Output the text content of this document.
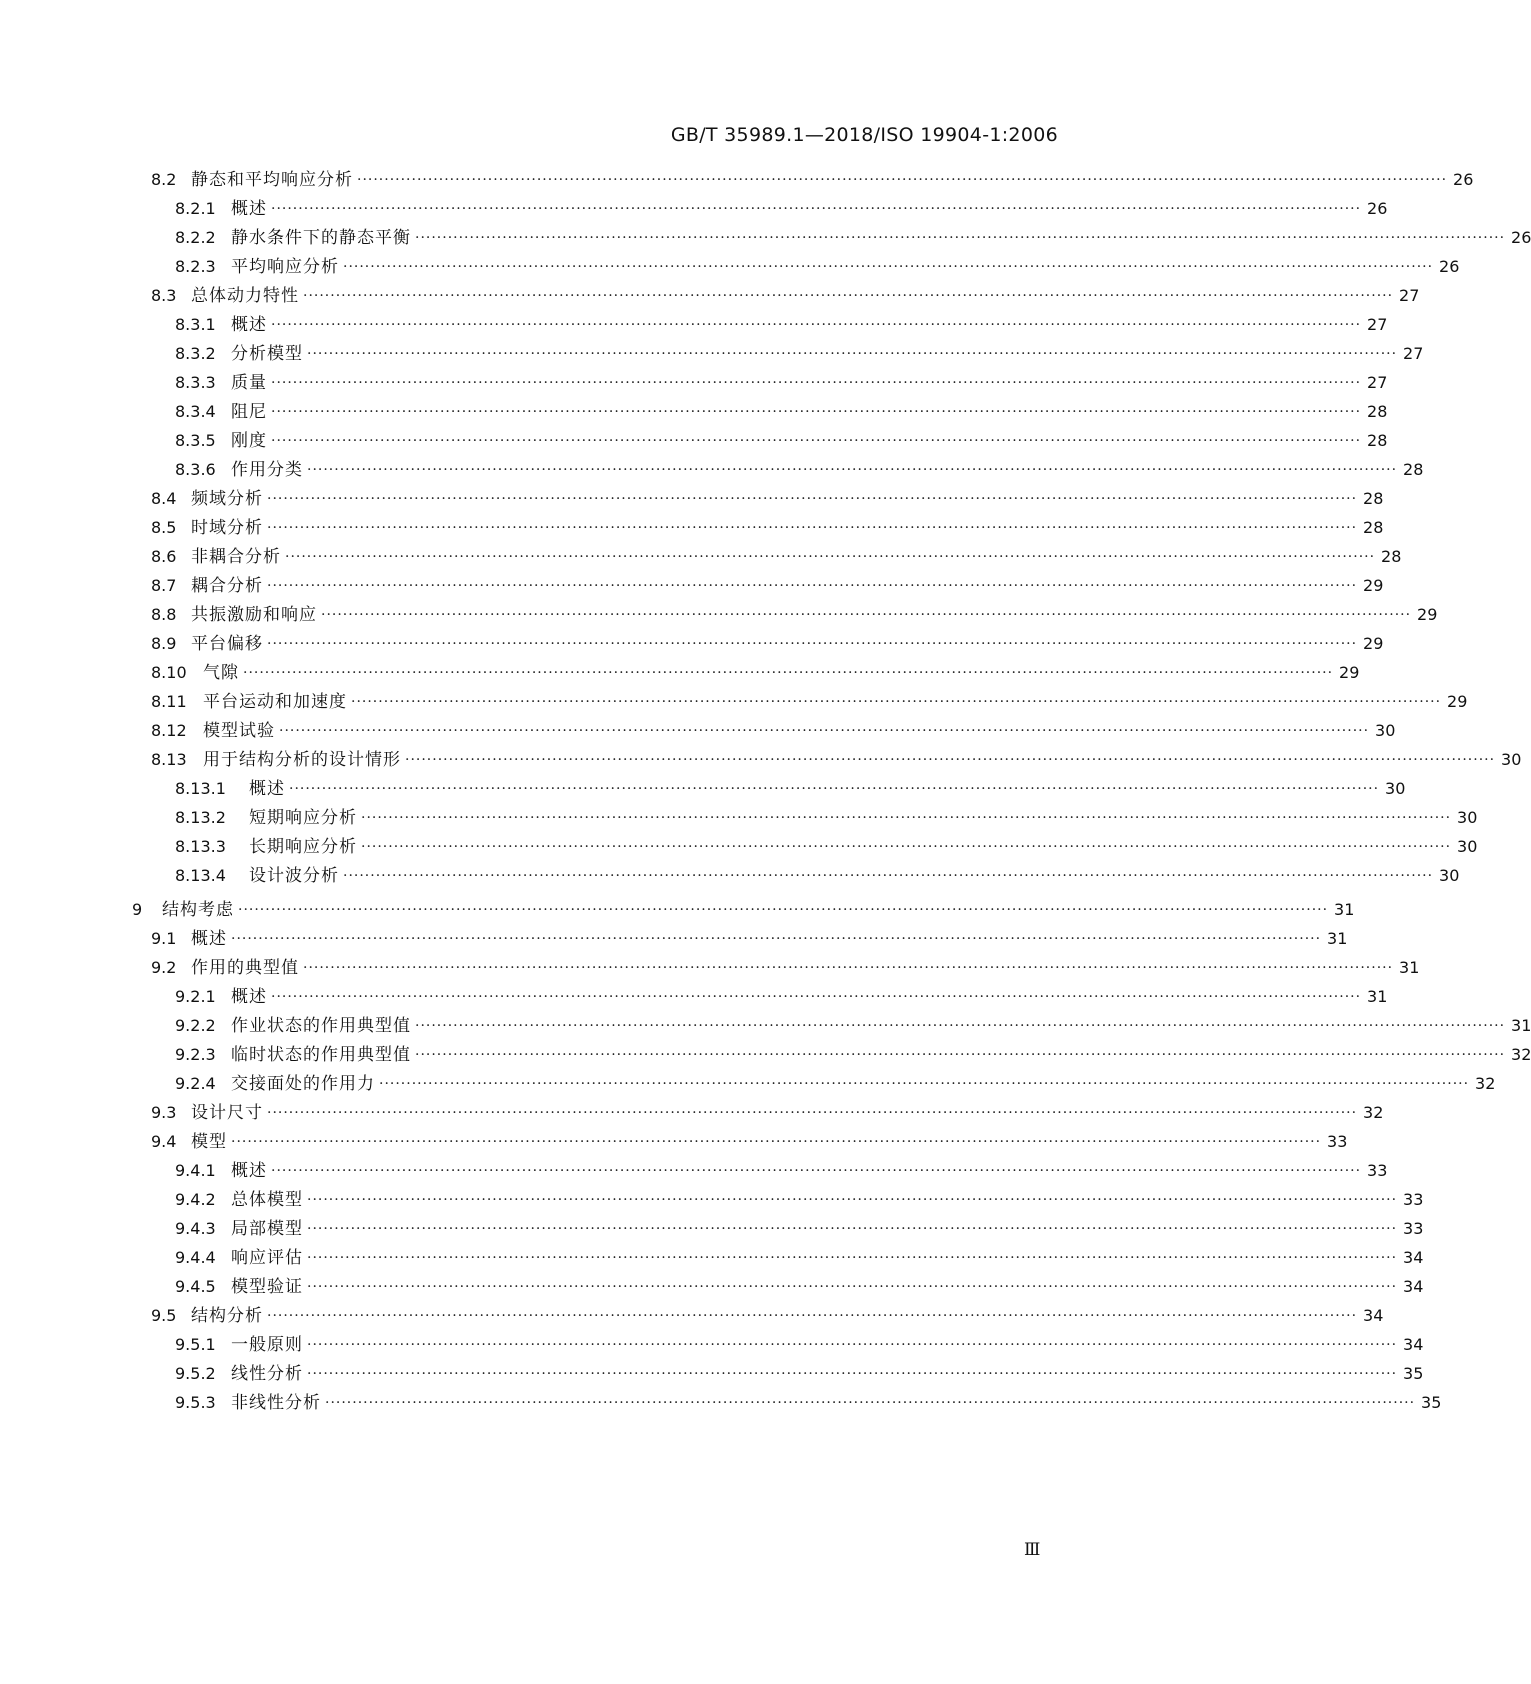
GB/T 35989.1—2018/ISO 19904-1:2006
8.2 静态和平均响应分析 ········································································································································································································ 26
8.2.1 概述 ········································································································································································································ 26
8.2.2 静水条件下的静态平衡 ········································································································································································································ 26
8.2.3 平均响应分析 ········································································································································································································ 26
8.3 总体动力特性 ········································································································································································································ 27
8.3.1 概述 ········································································································································································································ 27
8.3.2 分析模型 ········································································································································································································ 27
8.3.3 质量 ········································································································································································································ 27
8.3.4 阻尼 ········································································································································································································ 28
8.3.5 刚度 ········································································································································································································ 28
8.3.6 作用分类 ········································································································································································································ 28
8.4 频域分析 ········································································································································································································ 28
8.5 时域分析 ········································································································································································································ 28
8.6 非耦合分析 ········································································································································································································ 28
8.7 耦合分析 ········································································································································································································ 29
8.8 共振激励和响应 ········································································································································································································ 29
8.9 平台偏移 ········································································································································································································ 29
8.10 气隙 ········································································································································································································ 29
8.11 平台运动和加速度 ········································································································································································································ 29
8.12 模型试验 ········································································································································································································ 30
8.13 用于结构分析的设计情形 ········································································································································································································ 30
8.13.1	概述 ········································································································································································································ 30
8.13.2	短期响应分析 ········································································································································································································ 30
8.13.3	长期响应分析 ········································································································································································································ 30
8.13.4	设计波分析 ········································································································································································································ 30
9	结构考虑 ········································································································································································································ 31
9.1 概述 ········································································································································································································ 31
9.2 作用的典型值 ········································································································································································································ 31
9.2.1 概述 ········································································································································································································ 31
9.2.2 作业状态的作用典型值 ········································································································································································································ 31
9.2.3 临时状态的作用典型值 ········································································································································································································ 32
9.2.4 交接面处的作用力 ········································································································································································································ 32
9.3 设计尺寸 ········································································································································································································ 32
9.4 模型 ········································································································································································································ 33
9.4.1 概述 ········································································································································································································ 33
9.4.2 总体模型 ········································································································································································································ 33
9.4.3 局部模型 ········································································································································································································ 33
9.4.4 响应评估 ········································································································································································································ 34
9.4.5 模型验证 ········································································································································································································ 34
9.5 结构分析 ········································································································································································································ 34
9.5.1 一般原则 ········································································································································································································ 34
9.5.2 线性分析 ········································································································································································································ 35
9.5.3 非线性分析 ········································································································································································································ 35
Ⅲ
